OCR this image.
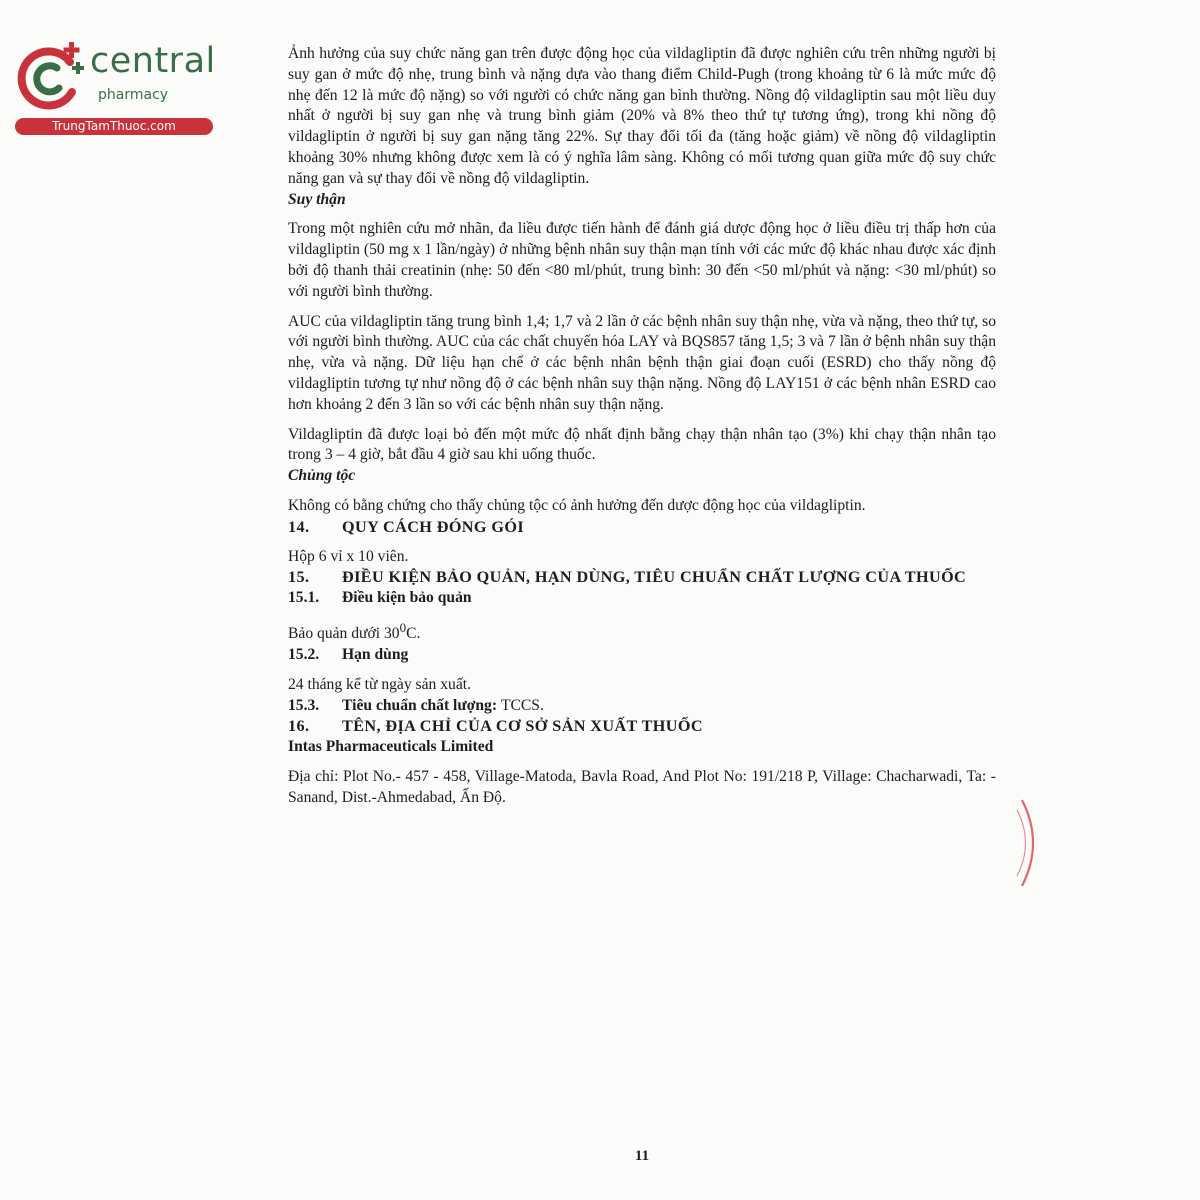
central
pharmacy
TrungTamThuoc.com

Ảnh hưởng của suy chức năng gan trên được động học của vildagliptin đã được nghiên cứu trên những người bị suy gan ở mức độ nhẹ, trung bình và nặng dựa vào thang điểm Child-Pugh (trong khoảng từ 6 là mức mức độ nhẹ đến 12 là mức độ nặng) so với người có chức năng gan bình thường. Nồng độ vildagliptin sau một liều duy nhất ở người bị suy gan nhẹ và trung bình giảm (20% và 8% theo thứ tự tương ứng), trong khi nồng độ vildagliptin ở người bị suy gan nặng tăng 22%. Sự thay đổi tối đa (tăng hoặc giảm) về nồng độ vildagliptin khoảng 30% nhưng không được xem là có ý nghĩa lâm sàng. Không có mối tương quan giữa mức độ suy chức năng gan và sự thay đổi về nồng độ vildagliptin.

Suy thận

Trong một nghiên cứu mở nhãn, đa liều được tiến hành để đánh giá dược động học ở liều điều trị thấp hơn của vildagliptin (50 mg x 1 lần/ngày) ở những bệnh nhân suy thận mạn tính với các mức độ khác nhau được xác định bởi độ thanh thải creatinin (nhẹ: 50 đến <80 ml/phút, trung bình: 30 đến <50 ml/phút và nặng: <30 ml/phút) so với người bình thường.

AUC của vildagliptin tăng trung bình 1,4; 1,7 và 2 lần ở các bệnh nhân suy thận nhẹ, vừa và nặng, theo thứ tự, so với người bình thường. AUC của các chất chuyển hóa LAY và BQS857 tăng 1,5; 3 và 7 lần ở bệnh nhân suy thận nhẹ, vừa và nặng. Dữ liệu hạn chế ở các bệnh nhân bệnh thận giai đoạn cuối (ESRD) cho thấy nồng độ vildagliptin tương tự như nồng độ ở các bệnh nhân suy thận nặng. Nồng độ LAY151 ở các bệnh nhân ESRD cao hơn khoảng 2 đến 3 lần so với các bệnh nhân suy thận nặng.

Vildagliptin đã được loại bỏ đến một mức độ nhất định bằng chạy thận nhân tạo (3%) khi chạy thận nhân tạo trong 3 – 4 giờ, bắt đầu 4 giờ sau khi uống thuốc.

Chủng tộc

Không có bằng chứng cho thấy chủng tộc có ảnh hưởng đến dược động học của vildagliptin.

14. QUY CÁCH ĐÓNG GÓI

Hộp 6 vỉ x 10 viên.

15. ĐIỀU KIỆN BẢO QUẢN, HẠN DÙNG, TIÊU CHUẨN CHẤT LƯỢNG CỦA THUỐC

15.1. Điều kiện bảo quản

Bảo quản dưới $30^0C$.

15.2. Hạn dùng

24 tháng kể từ ngày sản xuất.

15.3. Tiêu chuẩn chất lượng: TCCS.

16. TÊN, ĐỊA CHỈ CỦA CƠ SỞ SẢN XUẤT THUỐC

Intas Pharmaceuticals Limited

Địa chỉ: Plot No.- 457 - 458, Village-Matoda, Bavla Road, And Plot No: 191/218 P, Village: Chacharwadi, Ta: - Sanand, Dist.-Ahmedabad, Ấn Độ.

11
